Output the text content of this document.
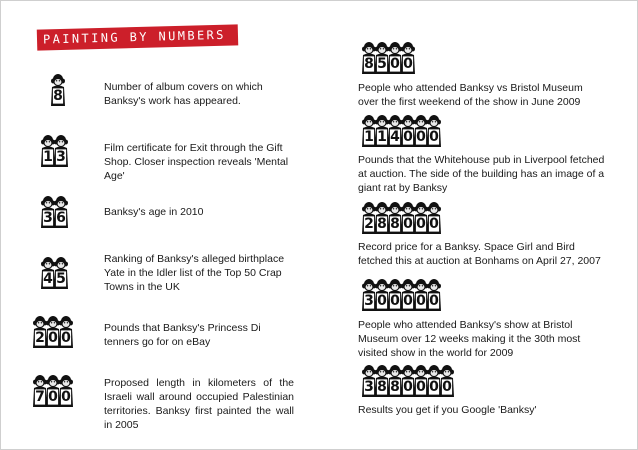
PAINTING BY NUMBERS
8
Number of album covers on which Banksy's work has appeared.
1 3
Film certificate for Exit through the Gift Shop. Closer inspection reveals 'Mental Age'
3 6	Banksy's age in 2010
4 5
Ranking of Banksy's alleged birthplace Yate in the Idler list of the Top 50 Crap Towns in the UK
2 0 0
Pounds that Banksy's Princess Di tenners go for on eBay
7 0 0
Proposed length in kilometers of the Israeli wall around occupied Palestinian territories. Banksy first painted the wall in 2005
8 5 0 0
People who attended Banksy vs Bristol Museum over the first weekend of the show in June 2009
1 1 4 0 0 0
Pounds that the Whitehouse pub in Liverpool fetched at auction. The side of the building has an image of a giant rat by Banksy
2 8 8 0 0 0
Record price for a Banksy. Space Girl and Bird fetched this at auction at Bonhams on April 27, 2007
3 0 0 0 0 0
People who attended Banksy's show at Bristol Museum over 12 weeks making it the 30th most visited show in the world for 2009
3 8 8 0 0 0 0
Results you get if you Google 'Banksy'
